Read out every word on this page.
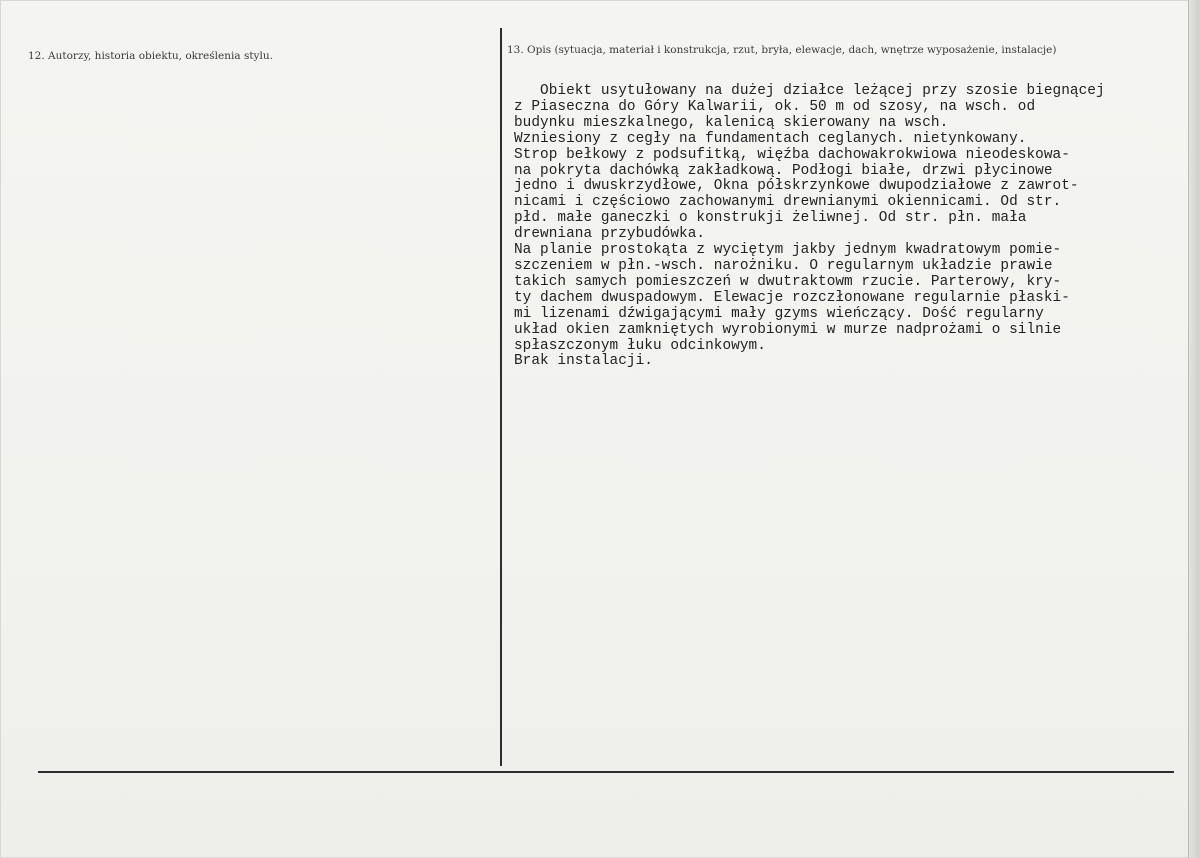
12. Autorzy, historia obiektu, określenia stylu.	13. Opis (sytuacja, materiał i konstrukcja, rzut, bryła, elewacje, dach, wnętrze wyposażenie, instalacje)
Obiekt usytułowany na dużej działce leżącej przy szosie biegnącej
z Piaseczna do Góry Kalwarii, ok. 50 m od szosy, na wsch. od
budynku mieszkalnego, kalenicą skierowany na wsch.
Wzniesiony z cegły na fundamentach ceglanych. nietynkowany.
Strop bełkowy z podsufitką, więźba dachowakrokwiowa nieodeskowa-
na pokryta dachówką zakładkową. Podłogi białe, drzwi płycinowe
jedno i dwuskrzydłowe, Okna półskrzynkowe dwupodziałowe z zawrot-
nicami i częściowo zachowanymi drewnianymi okiennicami. Od str.
płd. małe ganeczki o konstrukji żeliwnej. Od str. płn. mała
drewniana przybudówka.
Na planie prostokąta z wyciętym jakby jednym kwadratowym pomie-
szczeniem w płn.-wsch. narożniku. O regularnym układzie prawie
takich samych pomieszczeń w dwutraktowm rzucie. Parterowy, kry-
ty dachem dwuspadowym. Elewacje rozczłonowane regularnie płaski-
mi lizenami dźwigającymi mały gzyms wieńczący. Dość regularny
układ okien zamkniętych wyrobionymi w murze nadprożami o silnie
spłaszczonym łuku odcinkowym.
Brak instalacji.
